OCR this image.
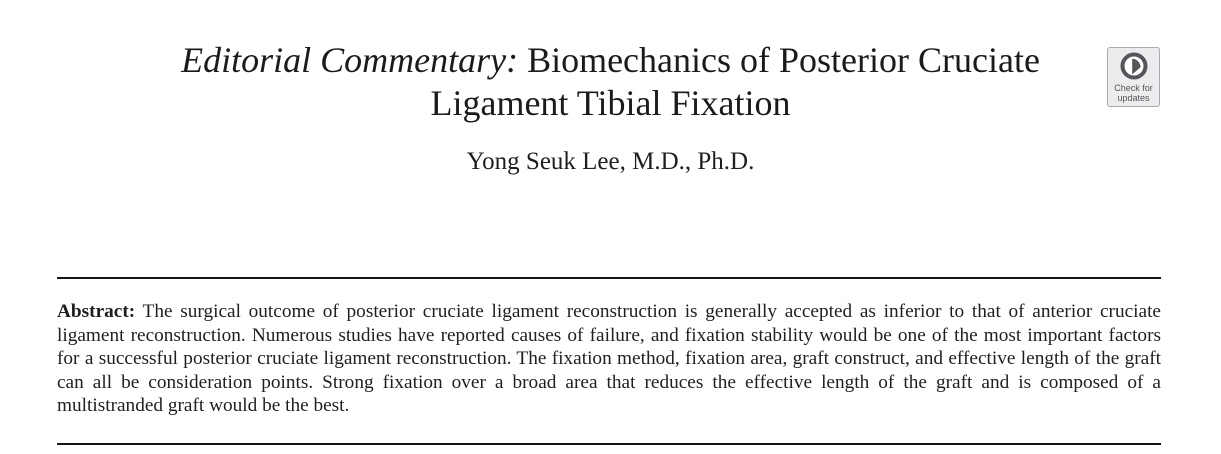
Editorial Commentary: Biomechanics of Posterior Cruciate Ligament Tibial Fixation
Yong Seuk Lee, M.D., Ph.D.
Check for
updates

Abstract: The surgical outcome of posterior cruciate ligament reconstruction is generally accepted as inferior to that of anterior cruciate ligament reconstruction. Numerous studies have reported causes of failure, and fixation stability would be one of the most important factors for a successful posterior cruciate ligament reconstruction. The fixation method, fixation area, graft construct, and effective length of the graft can all be consideration points. Strong fixation over a broad area that reduces the effective length of the graft and is composed of a multistranded graft would be the best.
